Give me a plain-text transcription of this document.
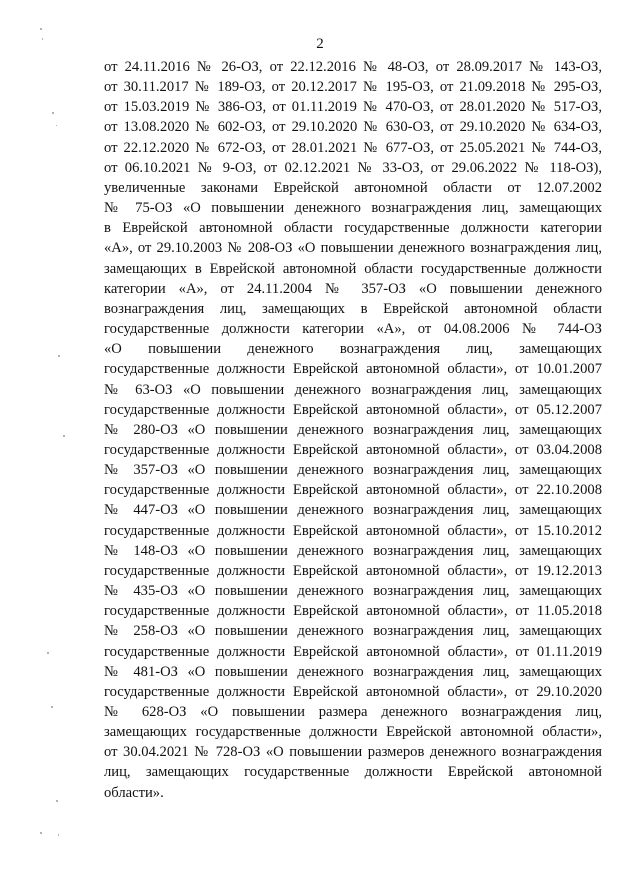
2
от 24.11.2016 № 26-ОЗ, от 22.12.2016 № 48-ОЗ, от 28.09.2017 № 143-ОЗ,
от 30.11.2017 № 189-ОЗ, от 20.12.2017 № 195-ОЗ, от 21.09.2018 № 295-ОЗ,
от 15.03.2019 № 386-ОЗ, от 01.11.2019 № 470-ОЗ, от 28.01.2020 № 517-ОЗ,
от 13.08.2020 № 602-ОЗ, от 29.10.2020 № 630-ОЗ, от 29.10.2020 № 634-ОЗ,
от 22.12.2020 № 672-ОЗ, от 28.01.2021 № 677-ОЗ, от 25.05.2021 № 744-ОЗ,
от 06.10.2021 № 9-ОЗ, от 02.12.2021 № 33-ОЗ, от 29.06.2022 № 118-ОЗ),
увеличенные законами Еврейской автономной области от 12.07.2002
№ 75-ОЗ «О повышении денежного вознаграждения лиц, замещающих
в Еврейской автономной области государственные должности категории
«А», от 29.10.2003 № 208-ОЗ «О повышении денежного вознаграждения лиц,
замещающих в Еврейской автономной области государственные должности
категории «А», от 24.11.2004 № 357-ОЗ «О повышении денежного
вознаграждения лиц, замещающих в Еврейской автономной области
государственные должности категории «А», от 04.08.2006 № 744-ОЗ
«О повышении денежного вознаграждения лиц, замещающих
государственные должности Еврейской автономной области», от 10.01.2007
№ 63-ОЗ «О повышении денежного вознаграждения лиц, замещающих
государственные должности Еврейской автономной области», от 05.12.2007
№ 280-ОЗ «О повышении денежного вознаграждения лиц, замещающих
государственные должности Еврейской автономной области», от 03.04.2008
№ 357-ОЗ «О повышении денежного вознаграждения лиц, замещающих
государственные должности Еврейской автономной области», от 22.10.2008
№ 447-ОЗ «О повышении денежного вознаграждения лиц, замещающих
государственные должности Еврейской автономной области», от 15.10.2012
№ 148-ОЗ «О повышении денежного вознаграждения лиц, замещающих
государственные должности Еврейской автономной области», от 19.12.2013
№ 435-ОЗ «О повышении денежного вознаграждения лиц, замещающих
государственные должности Еврейской автономной области», от 11.05.2018
№ 258-ОЗ «О повышении денежного вознаграждения лиц, замещающих
государственные должности Еврейской автономной области», от 01.11.2019
№ 481-ОЗ «О повышении денежного вознаграждения лиц, замещающих
государственные должности Еврейской автономной области», от 29.10.2020
№ 628-ОЗ «О повышении размера денежного вознаграждения лиц,
замещающих государственные должности Еврейской автономной области»,
от 30.04.2021 № 728-ОЗ «О повышении размеров денежного вознаграждения
лиц, замещающих государственные должности Еврейской автономной
области».
